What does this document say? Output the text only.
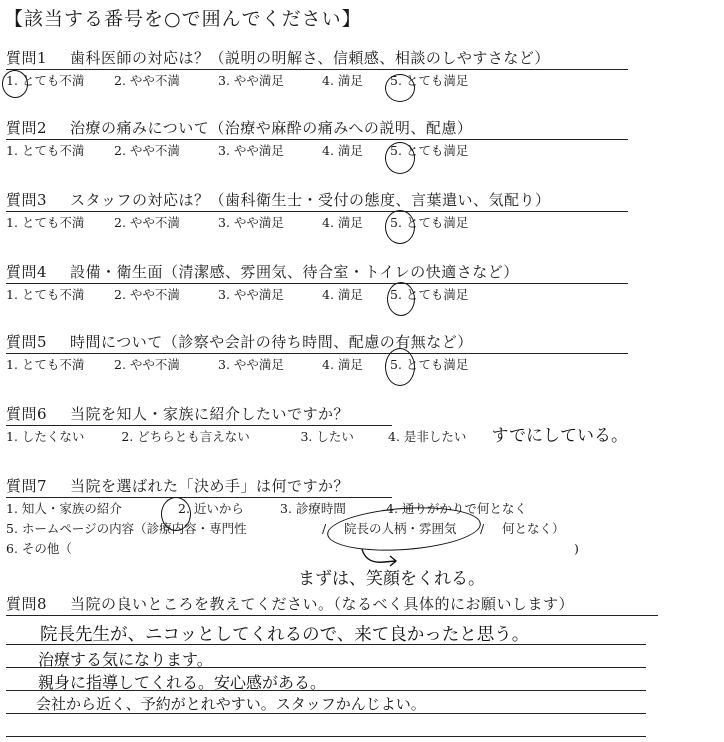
【該当する番号を○で囲んでください】
質問1	歯科医師の対応は？（説明の明解さ、信頼感、相談のしやすさなど）
1. とても不満	2. やや不満	3. やや満足	4. 満足	5. とても満足
質問2	治療の痛みについて（治療や麻酔の痛みへの説明、配慮）
1. とても不満	2. やや不満	3. やや満足	4. 満足	5. とても満足
質問3	スタッフの対応は？（歯科衛生士・受付の態度、言葉遣い、気配り）
1. とても不満	2. やや不満	3. やや満足	4. 満足	5. とても満足
質問4	設備・衛生面（清潔感、雰囲気、待合室・トイレの快適さなど）
1. とても不満	2. やや不満	3. やや満足	4. 満足	5. とても満足
質問5	時間について（診察や会計の待ち時間、配慮の有無など）
1. とても不満	2. やや不満	3. やや満足	4. 満足	5. とても満足
質問6	当院を知人・家族に紹介したいですか？
1. したくない	2. どちらとも言えない	3. したい	4. 是非したい	すでにしている。
質問7	当院を選ばれた「決め手」は何ですか？
1. 知人・家族の紹介	2. 近いから	3. 診療時間	4. 通りがかりで何となく
5. ホームページの内容（診療内容・専門性	/	院長の人柄・雰囲気	/	何となく）
6. その他（	)
まずは、笑顔をくれる。
質問8	当院の良いところを教えてください。（なるべく具体的にお願いします）
院長先生が、ニコッとしてくれるので、来て良かったと思う。
治療する気になります。
親身に指導してくれる。安心感がある。
会社から近く、予約がとれやすい。スタッフかんじよい。
